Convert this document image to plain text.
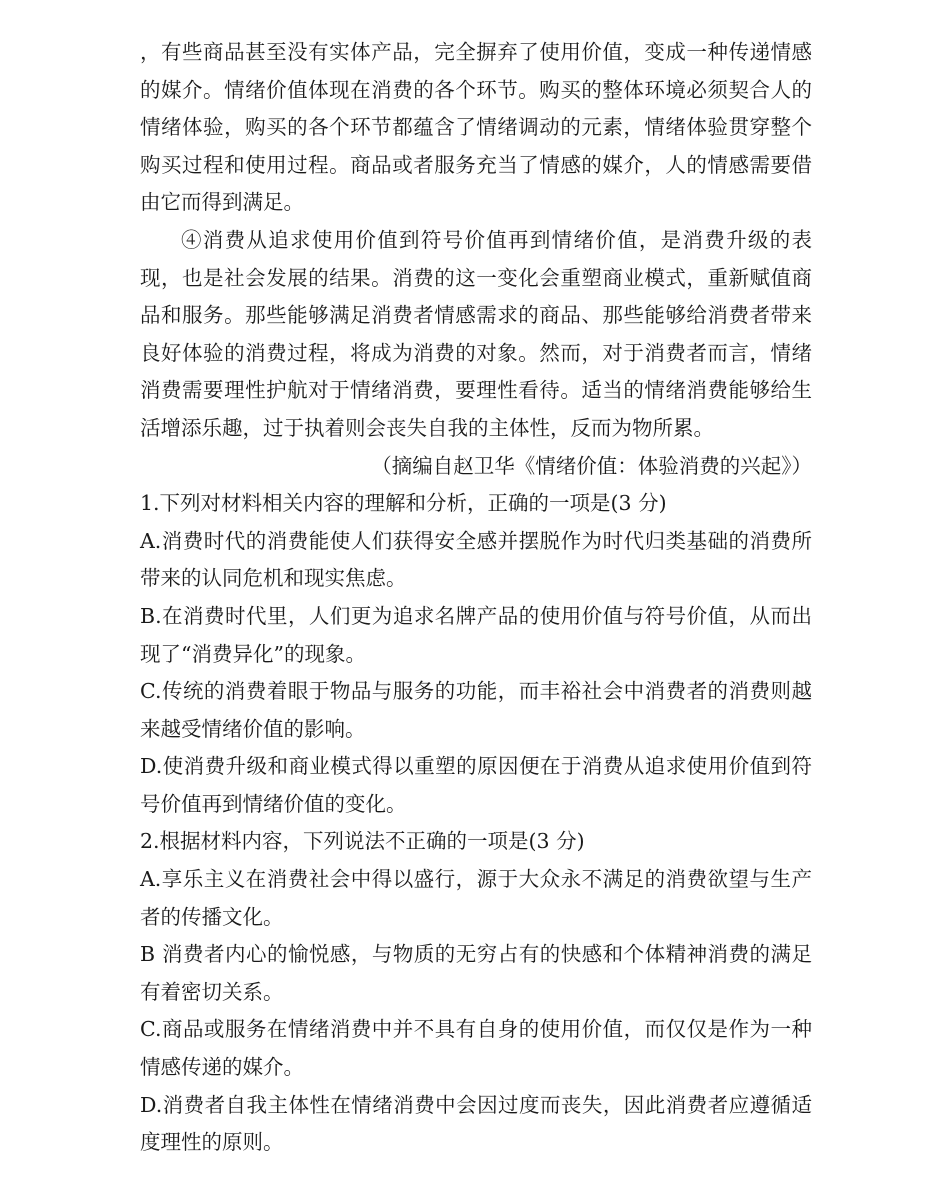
，有些商品甚至没有实体产品，完全摒弃了使用价值，变成一种传递情感的媒介。情绪价值体现在消费的各个环节。购买的整体环境必须契合人的情绪体验，购买的各个环节都蕴含了情绪调动的元素，情绪体验贯穿整个购买过程和使用过程。商品或者服务充当了情感的媒介，人的情感需要借由它而得到满足。

④消费从追求使用价值到符号价值再到情绪价值，是消费升级的表现，也是社会发展的结果。消费的这一变化会重塑商业模式，重新赋值商品和服务。那些能够满足消费者情感需求的商品、那些能够给消费者带来良好体验的消费过程，将成为消费的对象。然而，对于消费者而言，情绪消费需要理性护航对于情绪消费，要理性看待。适当的情绪消费能够给生活增添乐趣，过于执着则会丧失自我的主体性，反而为物所累。

（摘编自赵卫华《情绪价值：体验消费的兴起》）

1.下列对材料相关内容的理解和分析，正确的一项是(3 分)

A.消费时代的消费能使人们获得安全感并摆脱作为时代归类基础的消费所带来的认同危机和现实焦虑。

B.在消费时代里，人们更为追求名牌产品的使用价值与符号价值，从而出现了“消费异化”的现象。

C.传统的消费着眼于物品与服务的功能，而丰裕社会中消费者的消费则越来越受情绪价值的影响。

D.使消费升级和商业模式得以重塑的原因便在于消费从追求使用价值到符号价值再到情绪价值的变化。

2.根据材料内容，下列说法不正确的一项是(3 分)

A.享乐主义在消费社会中得以盛行，源于大众永不满足的消费欲望与生产者的传播文化。

B 消费者内心的愉悦感，与物质的无穷占有的快感和个体精神消费的满足有着密切关系。

C.商品或服务在情绪消费中并不具有自身的使用价值，而仅仅是作为一种情感传递的媒介。

D.消费者自我主体性在情绪消费中会因过度而丧失，因此消费者应遵循适度理性的原则。
